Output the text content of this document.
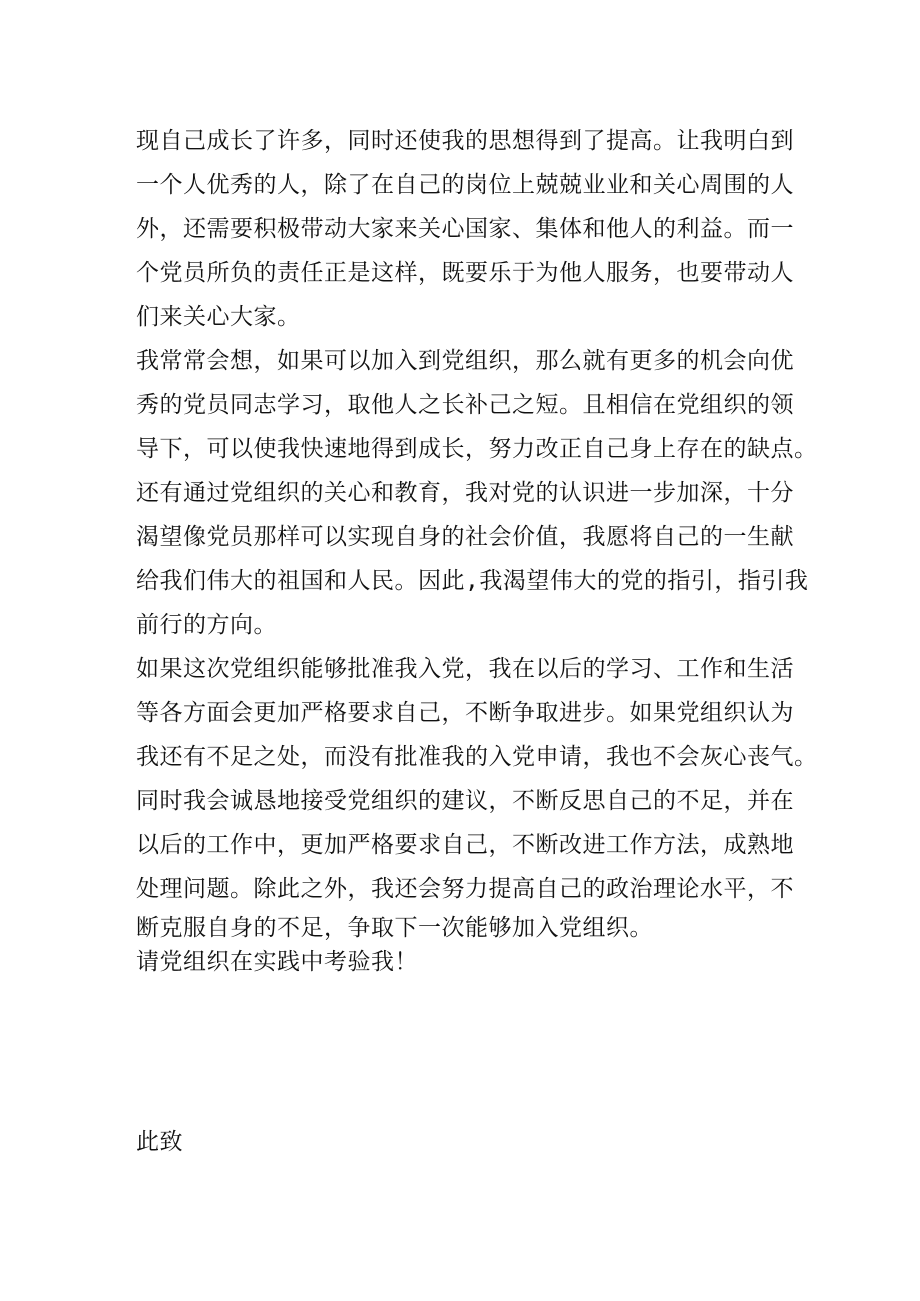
现自己成长了许多，同时还使我的思想得到了提高。让我明白到
一个人优秀的人，除了在自己的岗位上兢兢业业和关心周围的人
外，还需要积极带动大家来关心国家、集体和他人的利益。而一
个党员所负的责任正是这样，既要乐于为他人服务，也要带动人
们来关心大家。
我常常会想，如果可以加入到党组织，那么就有更多的机会向优
秀的党员同志学习，取他人之长补己之短。且相信在党组织的领
导下，可以使我快速地得到成长，努力改正自己身上存在的缺点。
还有通过党组织的关心和教育，我对党的认识进一步加深，十分
渴望像党员那样可以实现自身的社会价值，我愿将自己的一生献
给我们伟大的祖国和人民。因此,我渴望伟大的党的指引，指引我
前行的方向。
如果这次党组织能够批准我入党，我在以后的学习、工作和生活
等各方面会更加严格要求自己，不断争取进步。如果党组织认为
我还有不足之处，而没有批准我的入党申请，我也不会灰心丧气。
同时我会诚恳地接受党组织的建议，不断反思自己的不足，并在
以后的工作中，更加严格要求自己，不断改进工作方法，成熟地
处理问题。除此之外，我还会努力提高自己的政治理论水平，不
断克服自身的不足，争取下一次能够加入党组织。
请党组织在实践中考验我！
此致
